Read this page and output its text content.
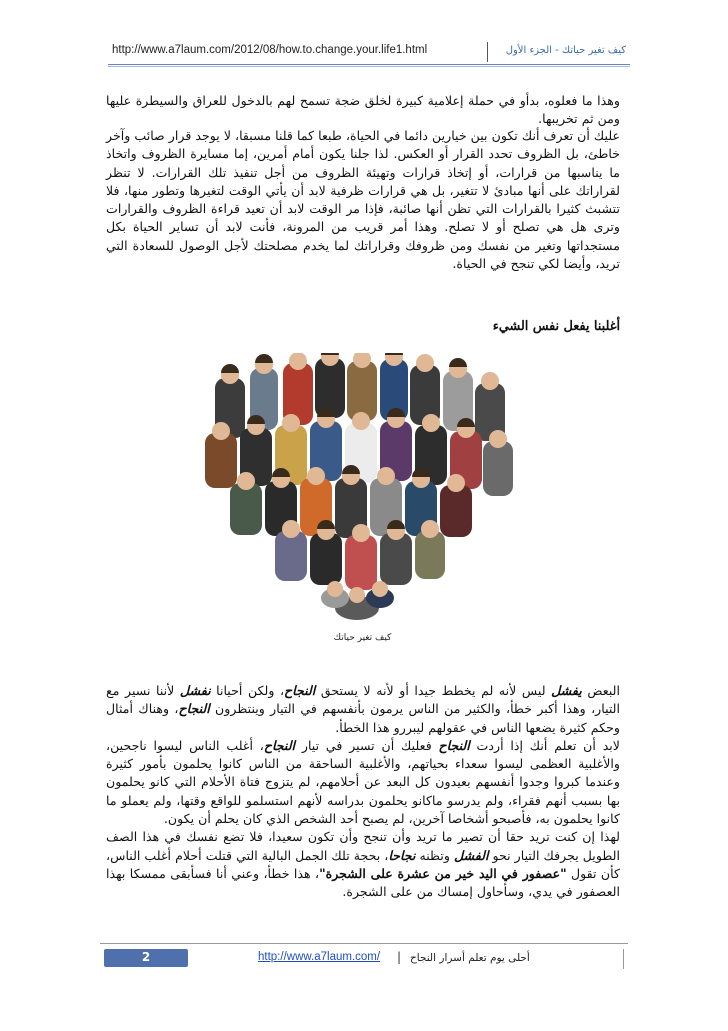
http://www.a7laum.com/2012/08/how.to.change.your.life1.html	كيف تغير حياتك - الجزء الأول

وهذا ما فعلوه، بدأو في حملة إعلامية كبيرة لخلق ضجة تسمح لهم بالدخول للعراق والسيطرة عليها ومن ثم تخريبها.

عليك أن تعرف أنك تكون بين خيارين دائما في الحياة، طبعا كما قلنا مسبقا، لا يوجد قرار صائب وآخر خاطئ، بل الظروف تحدد القرار أو العكس. لذا جلنا يكون أمام أمرين، إما مسايرة الظروف واتخاذ ما يناسبها من قرارات، أو إتخاذ قرارات وتهيئة الظروف من أجل تنفيذ تلك القرارات. لا تنظر لقراراتك على أنها مبادئ لا تتغير، بل هي قرارات ظرفية لابد أن يأتي الوقت لتغيرها وتطور منها، فلا تتشبث كثيرا بالقرارات التي تظن أنها صائبة، فإذا مر الوقت لابد أن تعيد قراءة الظروف والقرارات وترى هل هي تصلح أو لا تصلح. وهذا أمر قريب من المرونة، فأنت لابد أن تساير الحياة بكل مستجداتها وتغير من نفسك ومن ظروفك وقراراتك لما يخدم مصلحتك لأجل الوصول للسعادة التي تريد، وأيضا لكي تنجح في الحياة.

أغلبنا يفعل نفس الشيء
كيف تغير حياتك
البعض يفشل ليس لأنه لم يخطط جيدا أو لأنه لا يستحق النجاح، ولكن أحيانا نفشل لأننا نسير مع التيار، وهذا أكبر خطأ، والكثير من الناس يرمون بأنفسهم في التيار وينتظرون النجاح، وهناك أمثال وحكم كثيرة يضعها الناس في عقولهم ليبررو هذا الخطأ.
لابد أن تعلم أنك إذا أردت النجاح فعليك أن تسير في تيار النجاح، أغلب الناس ليسوا ناجحين، والأغلبية العظمى ليسوا سعداء بحياتهم، والأغلبية الساحقة من الناس كانوا يحلمون بأمور كثيرة وعندما كبروا وجدوا أنفسهم بعيدون كل البعد عن أحلامهم، لم يتزوج فتاة الأحلام التي كانو يحلمون بها بسبب أنهم فقراء، ولم يدرسو ماكانو يحلمون بدراسه لأنهم استسلمو للواقع وقتها، ولم يعملو ما كانوا يحلمون به، فأصبحو أشخاصا آخرين، لم يصبح أحد الشخص الذي كان يحلم أن يكون.
لهذا إن كنت تريد حقا أن تصير ما تريد وأن تنجح وأن تكون سعيدا، فلا تضع نفسك في هذا الصف الطويل يجرفك التيار نحو الفشل وتظنه نجاحا، بحجة تلك الجمل البالية التي قتلت أحلام أغلب الناس، كأن تقول "عصفور في اليد خير من عشرة على الشجرة"، هذا خطأ، وعني أنا فسأبقى ممسكا بهذا العصفور في يدي، وسأحاول إمساك من على الشجرة.
2	http://www.a7laum.com/ | أحلى يوم تعلم أسرار النجاح
